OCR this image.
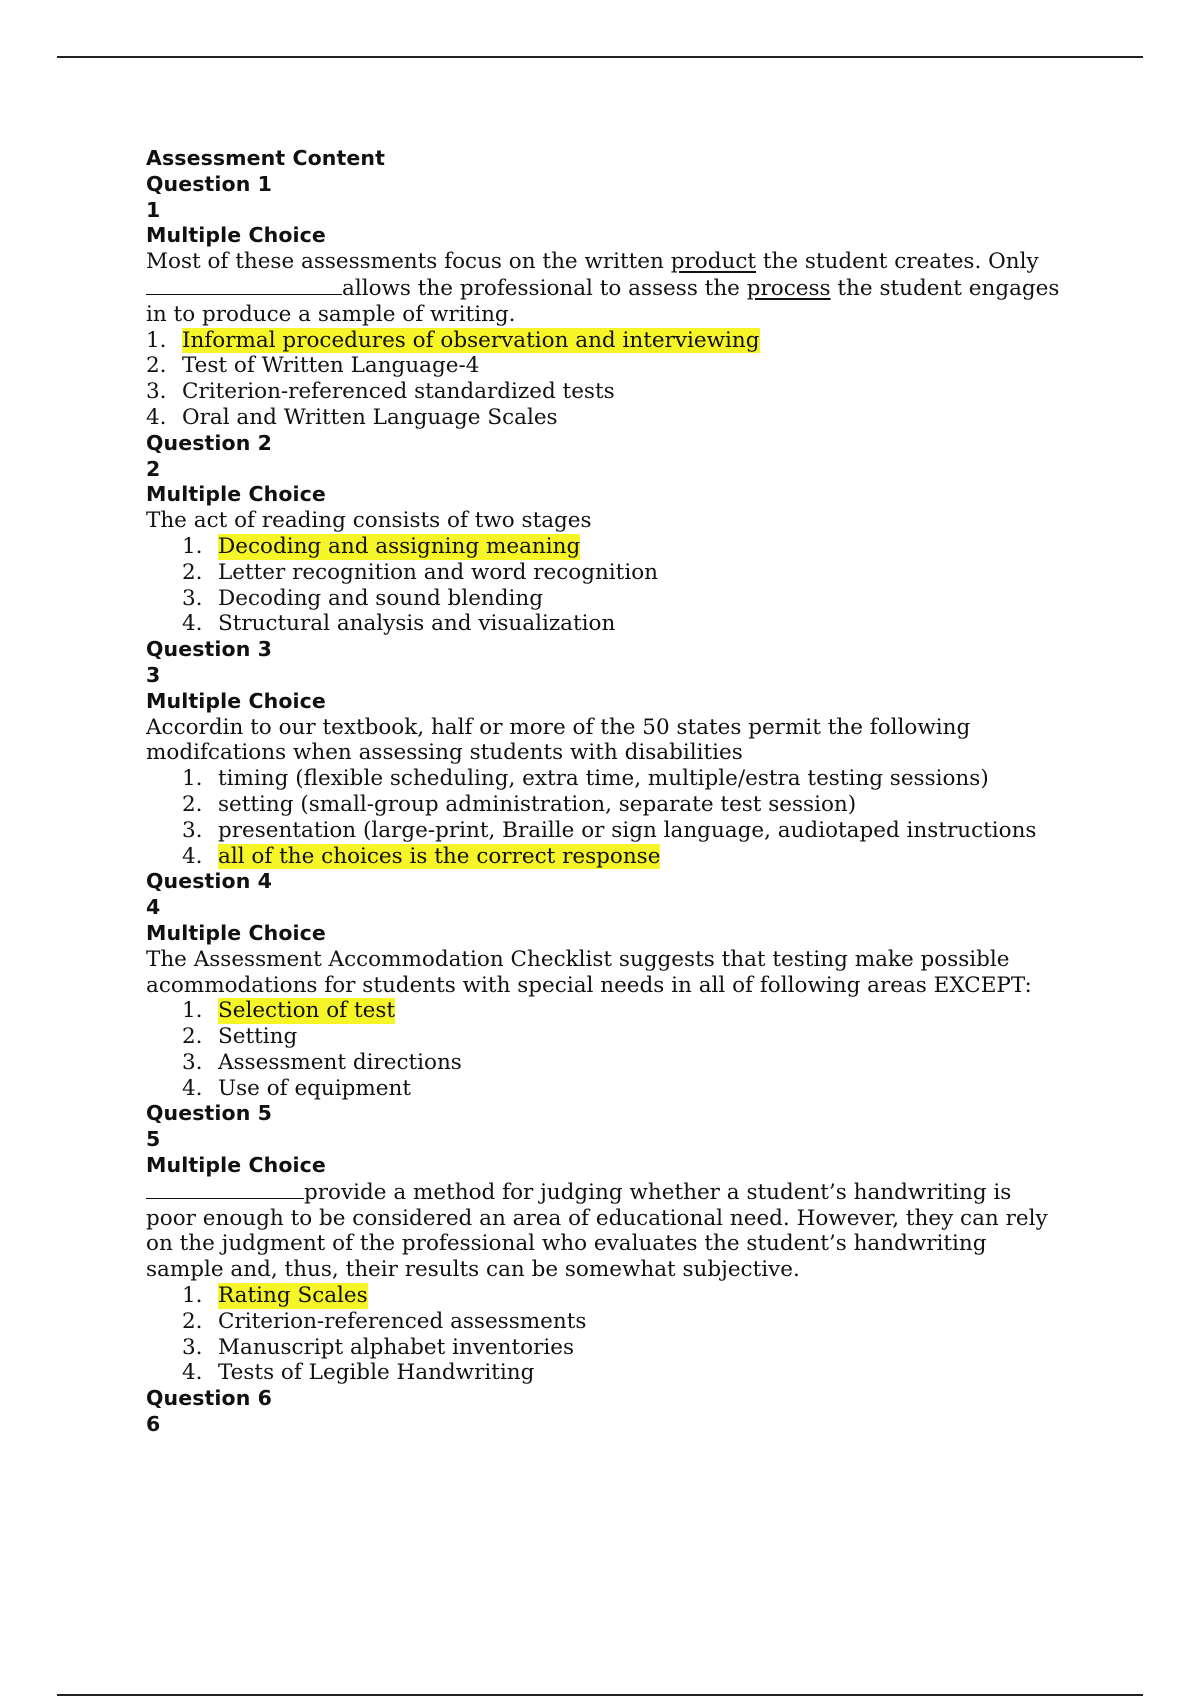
Assessment Content
Question 1
1
Multiple Choice
Most of these assessments focus on the written product the student creates. Only
allows the professional to assess the process the student engages
in to produce a sample of writing.
1. Informal procedures of observation and interviewing
2. Test of Written Language-4
3. Criterion-referenced standardized tests
4. Oral and Written Language Scales
Question 2
2
Multiple Choice
The act of reading consists of two stages
1. Decoding and assigning meaning
2. Letter recognition and word recognition
3. Decoding and sound blending
4. Structural analysis and visualization
Question 3
3
Multiple Choice
Accordin to our textbook, half or more of the 50 states permit the following
modifcations when assessing students with disabilities
1. timing (flexible scheduling, extra time, multiple/estra testing sessions)
2. setting (small-group administration, separate test session)
3. presentation (large-print, Braille or sign language, audiotaped instructions
4. all of the choices is the correct response
Question 4
4
Multiple Choice
The Assessment Accommodation Checklist suggests that testing make possible
acommodations for students with special needs in all of following areas EXCEPT:
1. Selection of test
2. Setting
3. Assessment directions
4. Use of equipment
Question 5
5
Multiple Choice
provide a method for judging whether a student’s handwriting is
poor enough to be considered an area of educational need. However, they can rely
on the judgment of the professional who evaluates the student’s handwriting
sample and, thus, their results can be somewhat subjective.
1. Rating Scales
2. Criterion-referenced assessments
3. Manuscript alphabet inventories
4. Tests of Legible Handwriting
Question 6
6
